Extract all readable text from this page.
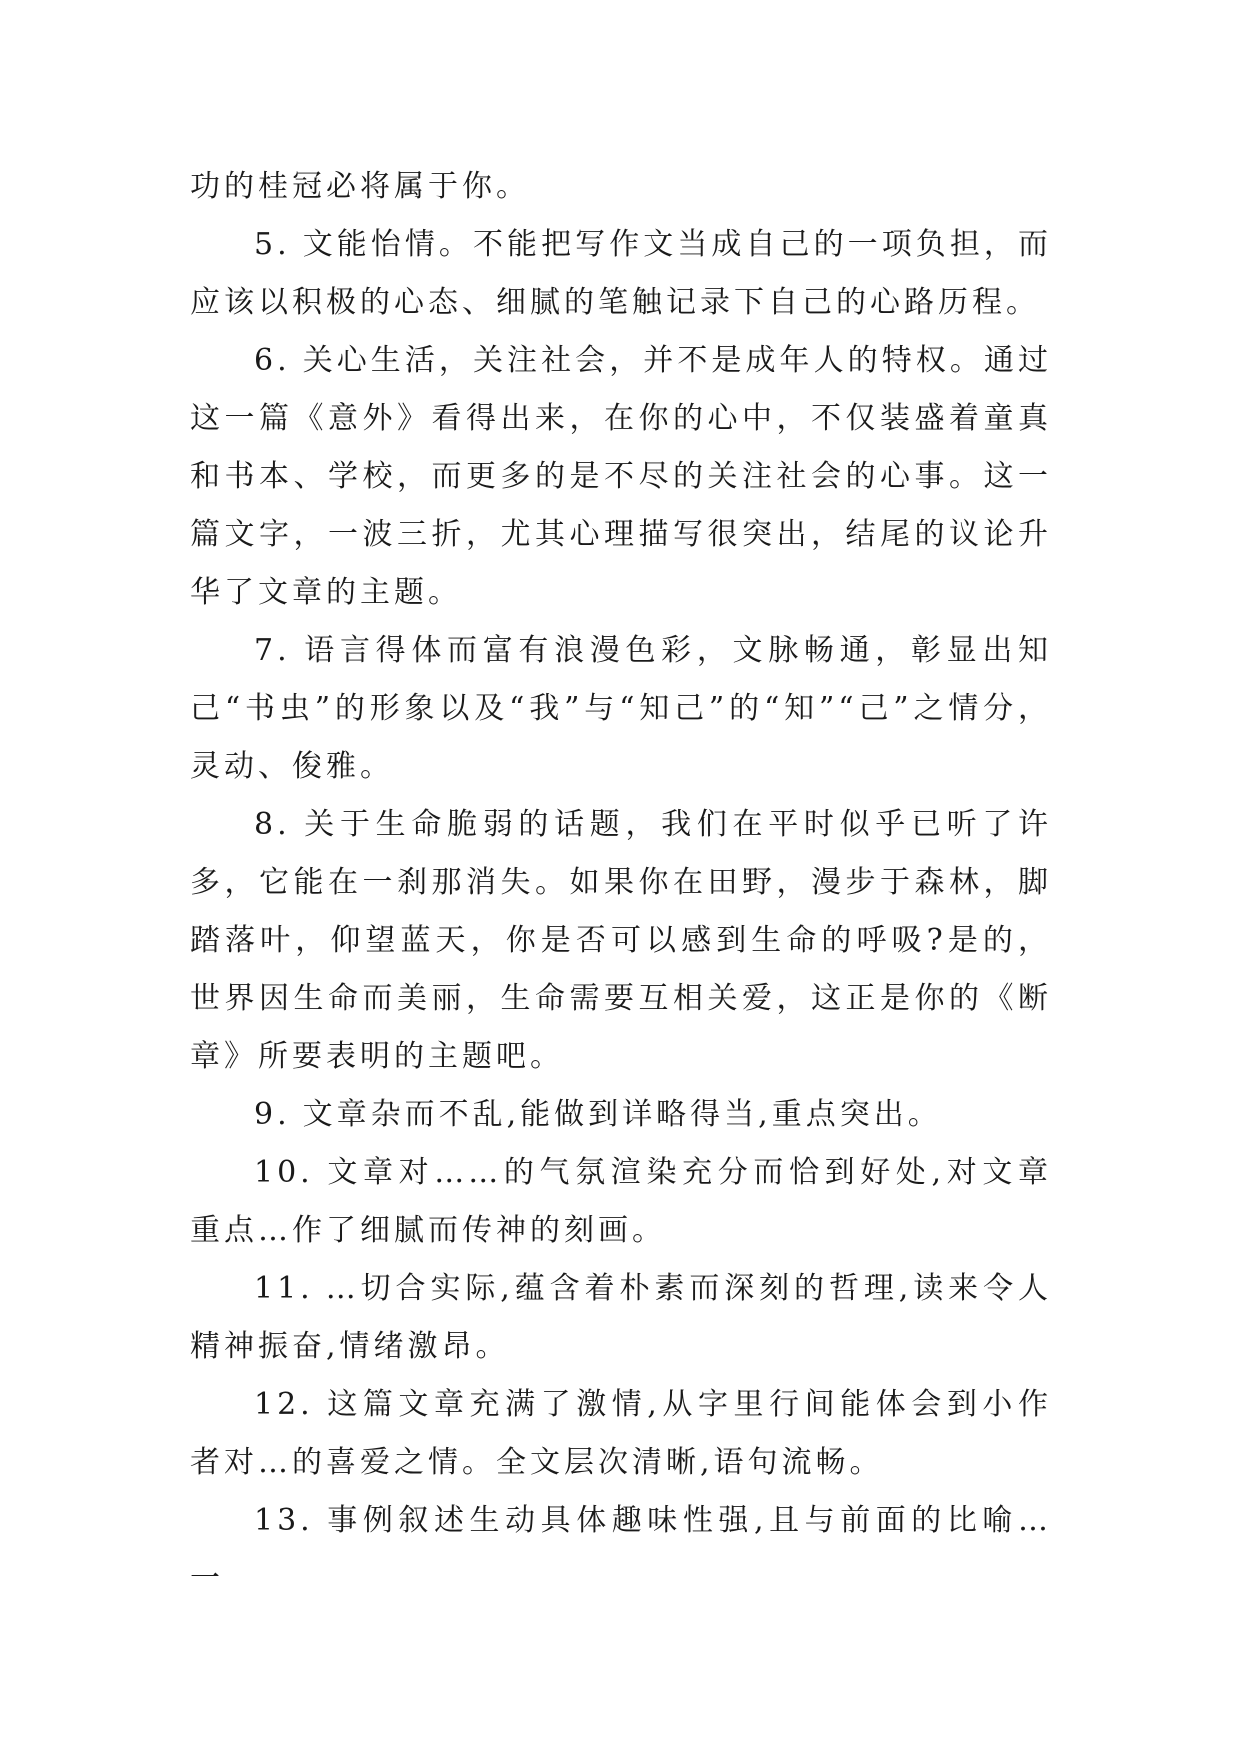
功的桂冠必将属于你。

5. 文能怡情。不能把写作文当成自己的一项负担，而应该以积极的心态、细腻的笔触记录下自己的心路历程。

6. 关心生活，关注社会，并不是成年人的特权。通过这一篇《意外》看得出来，在你的心中，不仅装盛着童真和书本、学校，而更多的是不尽的关注社会的心事。这一篇文字，一波三折，尤其心理描写很突出，结尾的议论升华了文章的主题。

7. 语言得体而富有浪漫色彩，文脉畅通，彰显出知己“书虫”的形象以及“我”与“知己”的“知”“己”之情分，灵动、俊雅。

8. 关于生命脆弱的话题，我们在平时似乎已听了许多，它能在一刹那消失。如果你在田野，漫步于森林，脚踏落叶，仰望蓝天，你是否可以感到生命的呼吸?是的，世界因生命而美丽，生命需要互相关爱，这正是你的《断章》所要表明的主题吧。

9. 文章杂而不乱,能做到详略得当,重点突出。

10. 文章对……的气氛渲染充分而恰到好处,对文章重点…作了细腻而传神的刻画。

11. …切合实际,蕴含着朴素而深刻的哲理,读来令人精神振奋,情绪激昂。

12. 这篇文章充满了激情,从字里行间能体会到小作者对…的喜爱之情。全文层次清晰,语句流畅。

13. 事例叙述生动具体趣味性强,且与前面的比喻…一
